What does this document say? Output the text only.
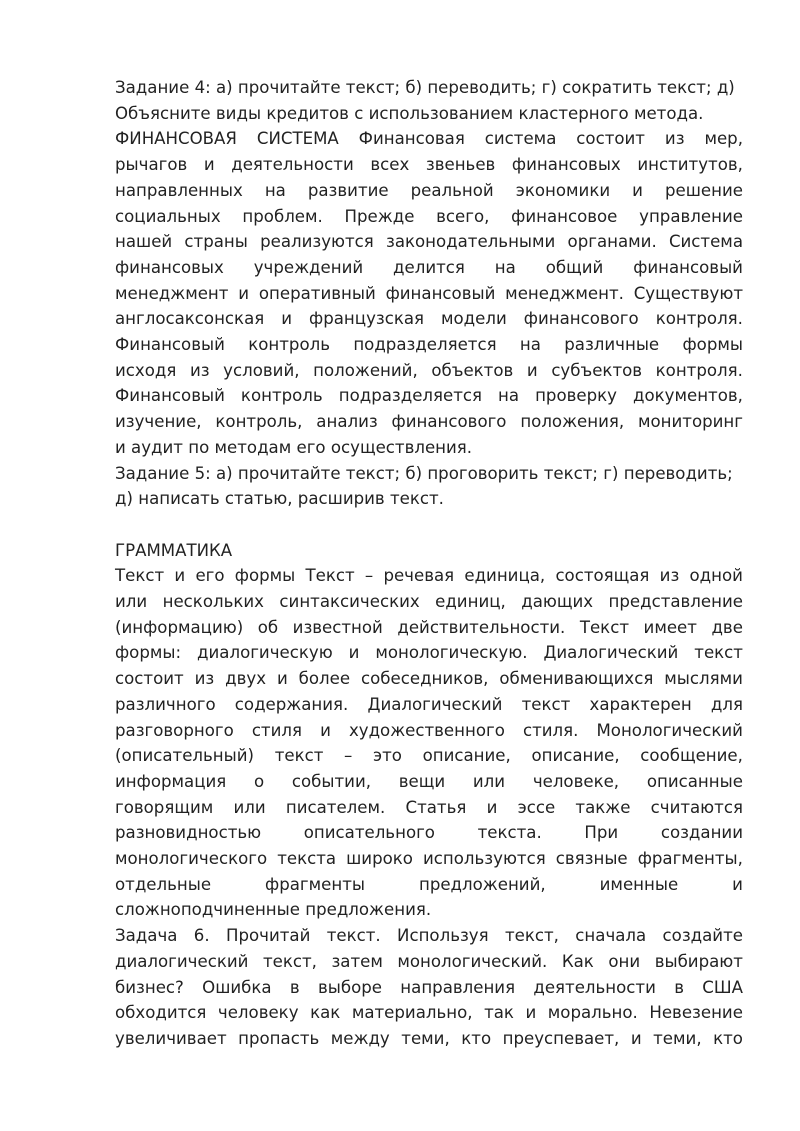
Задание 4: а) прочитайте текст; б) переводить; г) сократить текст; д)
Объясните виды кредитов с использованием кластерного метода.
ФИНАНСОВАЯ СИСТЕМА Финансовая система состоит из мер,
рычагов и деятельности всех звеньев финансовых институтов,
направленных на развитие реальной экономики и решение
социальных проблем. Прежде всего, финансовое управление
нашей страны реализуются законодательными органами. Система
финансовых учреждений делится на общий финансовый
менеджмент и оперативный финансовый менеджмент. Существуют
англосаксонская и французская модели финансового контроля.
Финансовый контроль подразделяется на различные формы
исходя из условий, положений, объектов и субъектов контроля.
Финансовый контроль подразделяется на проверку документов,
изучение, контроль, анализ финансового положения, мониторинг
и аудит по методам его осуществления.
Задание 5: а) прочитайте текст; б) проговорить текст; г) переводить;
д) написать статью, расширив текст.
ГРАММАТИКА
Текст и его формы Текст – речевая единица, состоящая из одной
или нескольких синтаксических единиц, дающих представление
(информацию) об известной действительности. Текст имеет две
формы: диалогическую и монологическую. Диалогический текст
состоит из двух и более собеседников, обменивающихся мыслями
различного содержания. Диалогический текст характерен для
разговорного стиля и художественного стиля. Монологический
(описательный) текст – это описание, описание, сообщение,
информация о событии, вещи или человеке, описанные
говорящим или писателем. Статья и эссе также считаются
разновидностью	описательного	текста.	При	создании
монологического текста широко используются связные фрагменты,
отдельные	фрагменты	предложений,	именные	и
сложноподчиненные предложения.
Задача 6. Прочитай текст. Используя текст, сначала создайте
диалогический текст, затем монологический. Как они выбирают
бизнес? Ошибка в выборе направления деятельности в США
обходится человеку как материально, так и морально. Невезение
увеличивает пропасть между теми, кто преуспевает, и теми, кто
